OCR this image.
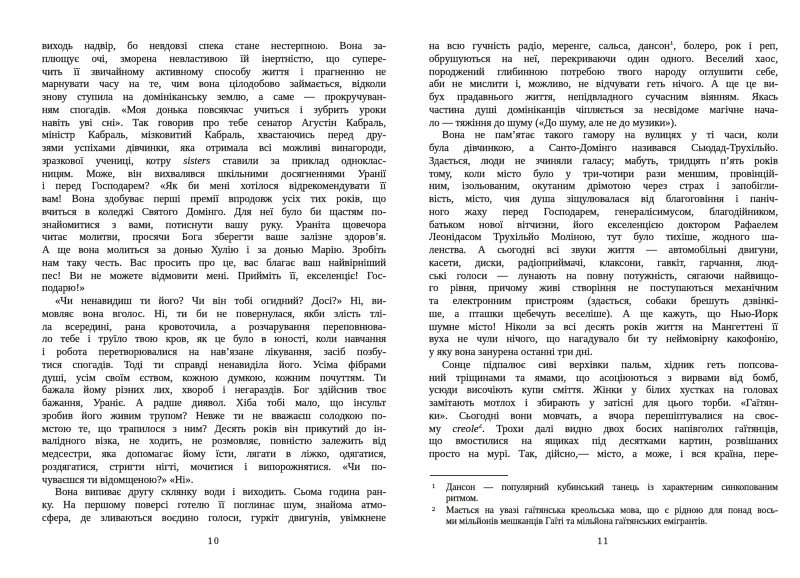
виходь надвір, бо невдовзі спека стане нестерпною. Вона за-
плющує очі, зморена невластивою їй інертністю, що супере-
чить її звичайному активному способу життя і прагненню не
марнувати часу на те, чим вона цілодобово займається, відколи
знову ступила на домініканську землю, а саме — прокручуван-
ням спогадів. «Моя донька повсякчас учиться і зубрить уроки
навіть уві сні». Так говорив про тебе сенатор Агустін Кабраль,
міністр Кабраль, мізковитий Кабраль, хвастаючись перед дру-
зями успіхами дівчинки, яка отримала всі можливі винагороди,
зразкової учениці, котру sisters ставили за приклад одноклас-
ницям. Може, він вихвалявся шкільними досягненнями Уранії
і перед Господарем? «Як би мені хотілося відрекомендувати її
вам! Вона здобуває перші премії впродовж усіх тих років, що
вчиться в коледжі Святого Домінго. Для неї було би щастям по-
знайомитися з вами, потиснути вашу руку. Ураніта щовечора
читає молитви, просячи Бога зберегти ваше залізне здоров’я.
А ще вона молиться за донью Хулію і за донью Марію. Зробіть
нам таку честь. Вас просить про це, вас благає ваш найвірніший
пес! Ви не можете відмовити мені. Прийміть її, екселенціє! Гос-
подарю!»
«Чи ненавидиш ти його? Чи він тобі огидний? Досі?» Ні, ви-
мовляє вона вголос. Ні, ти би не повернулася, якби злість тлі-
ла всередині, рана кровоточила, а розчарування переповнюва-
ло тебе і труїло твою кров, як це було в юності, коли навчання
і робота перетворювалися на нав’язане лікування, засіб позбу-
тися спогадів. Тоді ти справді ненавиділа його. Усіма фібрами
душі, усім своїм єством, кожною думкою, кожним почуттям. Ти
бажала йому різних лих, хвороб і негараздів. Бог здійснив твоє
бажання, Ураніє. А радше диявол. Хіба тобі мало, що інсульт
зробив його живим трупом? Невже ти не вважаєш солодкою по-
мстою те, що трапилося з ним? Десять років він прикутий до ін-
валідного візка, не ходить, не розмовляє, повністю залежить від
медсестри, яка допомагає йому їсти, лягати в ліжко, одягатися,
роздягатися, стригти нігті, мочитися і випорожнятися. «Чи по-
чуваєшся ти відомщеною?» «Ні».
Вона випиває другу склянку води і виходить. Сьома година ран-
ку. На першому поверсі готелю її поглинає шум, знайома атмо-
сфера, де зливаються воєдино голоси, гуркіт двигунів, увімкнене
10
на всю гучність радіо, меренге, сальса, дансон$^1$, болеро, рок і реп,
обрушуються на неї, перекриваючи один одного. Веселий хаос,
породжений глибинною потребою твого народу оглушити себе,
аби не мислити і, можливо, не відчувати геть нічого. А ще це ви-
бух прадавнього життя, непідвладного сучасним віянням. Якась
частина душі домініканців чіпляється за несвідоме магічне нача-
ло — тяжіння до шуму («До шуму, але не до музики»).
Вона не пам’ятає такого гамору на вулицях у ті часи, коли
була дівчинкою, а Санто-Домінго називався Сьюдад-Трухільйо.
Здається, люди не зчиняли галасу; мабуть, тридцять п’ять років
тому, коли місто було у три-чотири рази меншим, провінцій-
ним, ізольованим, окутаним дрімотою через страх і запобігли-
вість, місто, чия душа зіщулювалася від благоговіння і паніч-
ного жаху перед Господарем, генералісимусом, благодійником,
батьком нової вітчизни, його екселенцією доктором Рафаелем
Леонідасом Трухільйо Моліною, тут було тихіше, жодного ша-
ленства. А сьогодні всі звуки життя — автомобільні двигуни,
касети, диски, радіоприймачі, клаксони, гавкіт, гарчання, люд-
ські голоси — лунають на повну потужність, сягаючи найвищо-
го рівня, причому живі створіння не поступаються механічним
та електронним пристроям (здається, собаки брешуть дзвінкі-
ше, а пташки щебечуть веселіше). А ще кажуть, що Нью-Йорк
шумне місто! Ніколи за всі десять років життя на Мангеттені її
вуха не чули нічого, що нагадувало би ту неймовірну какофонію,
у яку вона занурена останні три дні.
Сонце підпалює сиві верхівки пальм, хідник геть попсова-
ний тріщинами та ямами, що асоціюються з вирвами від бомб,
усюди височіють купи сміття. Жінки у білих хустках на головах
замітають мотлох і збирають у затісні для цього торби. «Гаїтян-
ки». Сьогодні вони мовчать, а вчора перешіптувалися на своє-
му creole$^2$. Трохи далі видно двох босих напівголих гаїтянців,
що вмостилися на ящиках під десятками картин, розвішаних
просто на мурі. Так, дійсно,— місто, а може, і вся країна, пере-
1 Дансон — популярний кубинський танець із характерним синкопованим
ритмом.
2 Мається на увазі гаїтянська креольська мова, що є рідною для понад вось-
ми мільйонів мешканців Гаїті та мільйона гаїтянських емігрантів.
11
